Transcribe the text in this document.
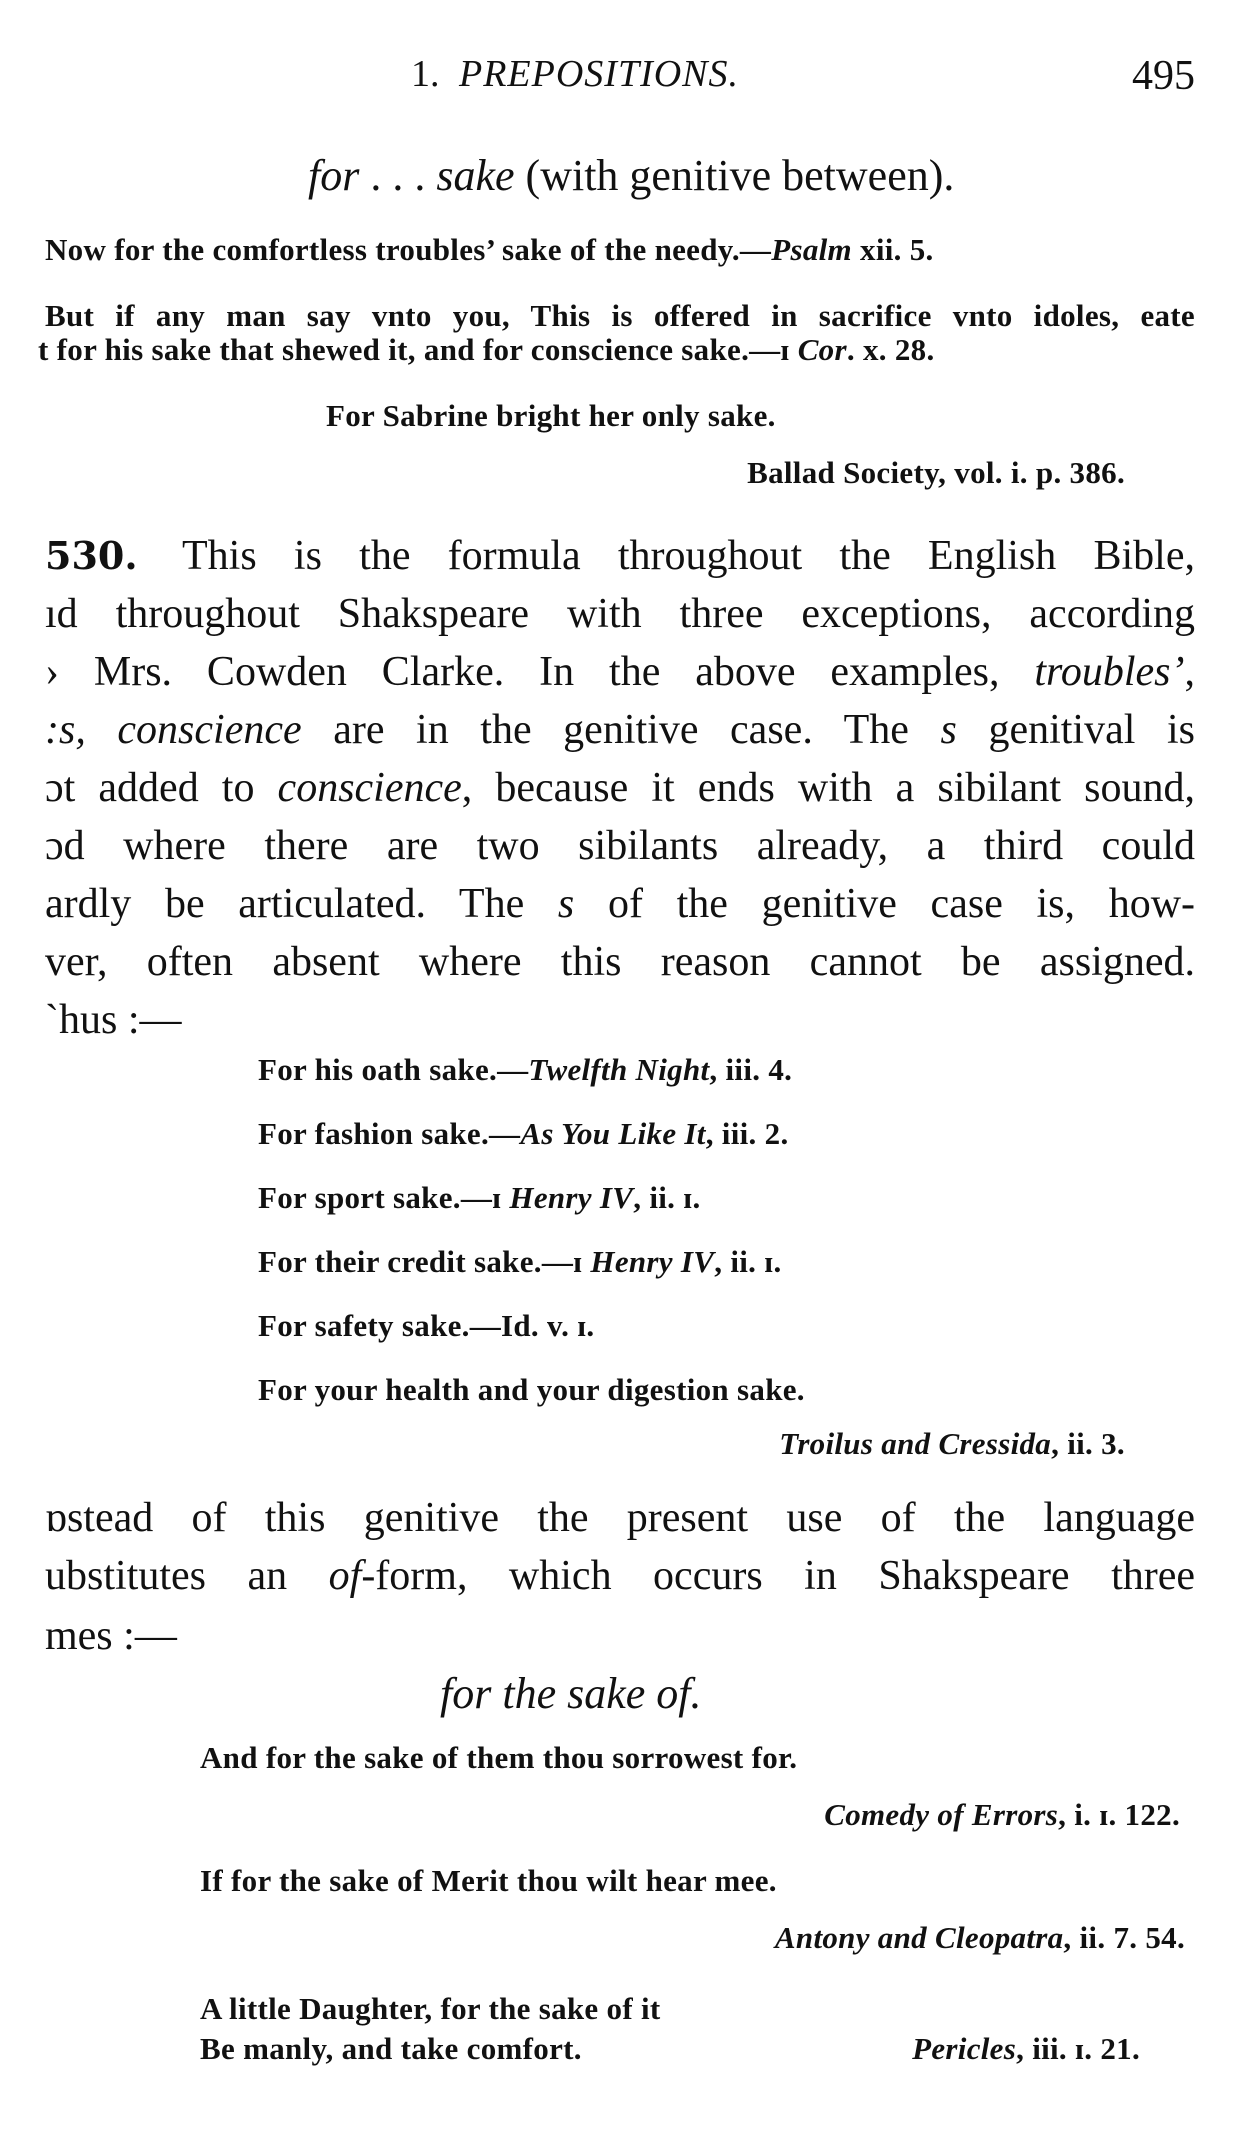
1. PREPOSITIONS.	495
for . . . sake (with genitive between).
Now for the comfortless troubles’ sake of the needy.—Psalm xii. 5.
But if any man say vnto you, This is offered in sacrifice vnto idoles, eate
t for his sake that shewed it, and for conscience sake.—ɪ Cor. x. 28.
For Sabrine bright her only sake.
Ballad Society, vol. i. p. 386.
530. This is the formula throughout the English Bible,
ıd throughout Shakspeare with three exceptions, according
› Mrs. Cowden Clarke. In the above examples, troubles’,
:s, conscience are in the genitive case. The s genitival is
ɔt added to conscience, because it ends with a sibilant sound,
ɔd where there are two sibilants already, a third could
ardly be articulated. The s of the genitive case is, how-
ver, often absent where this reason cannot be assigned.
`hus :—
For his oath sake.—Twelfth Night, iii. 4.
For fashion sake.—As You Like It, iii. 2.
For sport sake.—ɪ Henry IV, ii. ɪ.
For their credit sake.—ɪ Henry IV, ii. ɪ.
For safety sake.—Id. v. ɪ.
For your health and your digestion sake.
Troilus and Cressida, ii. 3.
ɒstead of this genitive the present use of the language
ubstitutes an of-form, which occurs in Shakspeare three
mes :—
for the sake of.
And for the sake of them thou sorrowest for.
Comedy of Errors, i. ɪ. 122.
If for the sake of Merit thou wilt hear mee.
Antony and Cleopatra, ii. 7. 54.
A little Daughter, for the sake of it
Be manly, and take comfort.	Pericles, iii. ɪ. 21.
